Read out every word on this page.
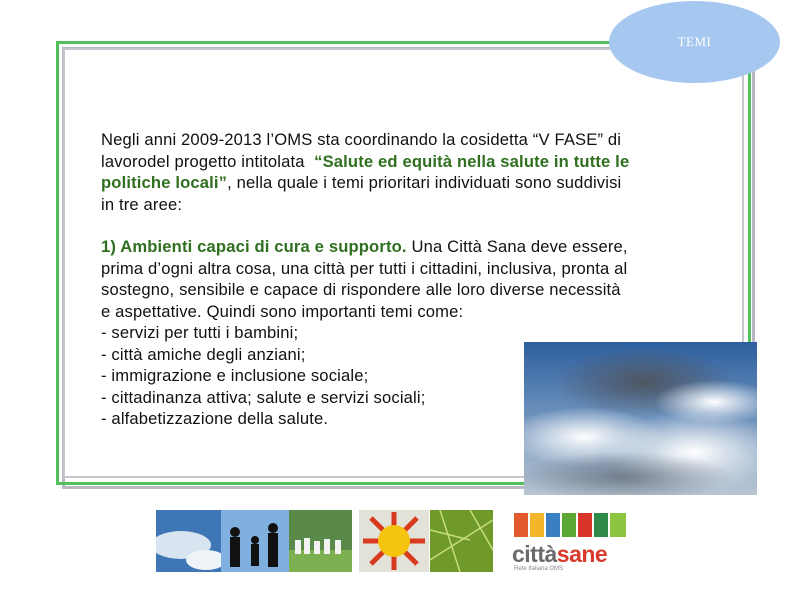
TEMI

Negli anni 2009-2013 l’OMS sta coordinando la cosidetta “V FASE” di
lavorodel progetto intitolata  “Salute ed equità nella salute in tutte le
politiche locali”, nella quale i temi prioritari individuati sono suddivisi
in tre aree:

1) Ambienti capaci di cura e supporto. Una Città Sana deve essere,
prima d’ogni altra cosa, una città per tutti i cittadini, inclusiva, pronta al
sostegno, sensibile e capace di rispondere alle loro diverse necessità
e aspettative. Quindi sono importanti temi come:
- servizi per tutti i bambini;
- città amiche degli anziani;
- immigrazione e inclusione sociale;
- cittadinanza attiva; salute e servizi sociali;
- alfabetizzazione della salute.

cittàsane
Rete Italiana OMS
